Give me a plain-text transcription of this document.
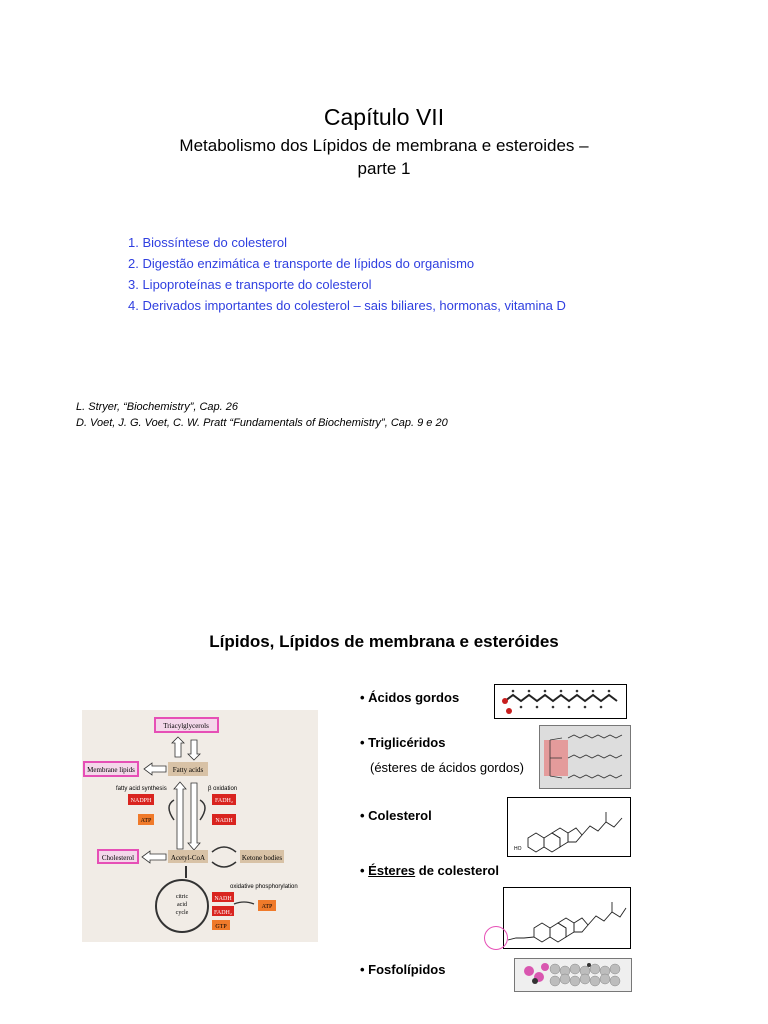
Capítulo VII
Metabolismo dos Lípidos de membrana e esteroides –
parte 1
1. Biossíntese do colesterol
2. Digestão enzimática e transporte de lípidos do organismo
3. Lipoproteínas e transporte do colesterol
4. Derivados importantes do colesterol – sais biliares, hormonas, vitamina D
L. Stryer, “Biochemistry”, Cap. 26
D. Voet, J. G. Voet, C. W. Pratt “Fundamentals of Biochemistry”, Cap. 9 e 20
Lípidos, Lípidos de membrana e esteróides
Triacylglycerols
Membrane lipids	Fatty acids
fatty acid synthesis	β oxidation
NADPH
ATP
FADH₂
NADH
Cholesterol	Acetyl-CoA	Ketone bodies
citric
acid
cycle
oxidative phosphorylation
NADH
FADH₂
GTP
ATP
• Ácidos gordos
• Triglicéridos
(ésteres de ácidos gordos)
• Colesterol
• Ésteres de colesterol
• Fosfolípidos
HO
